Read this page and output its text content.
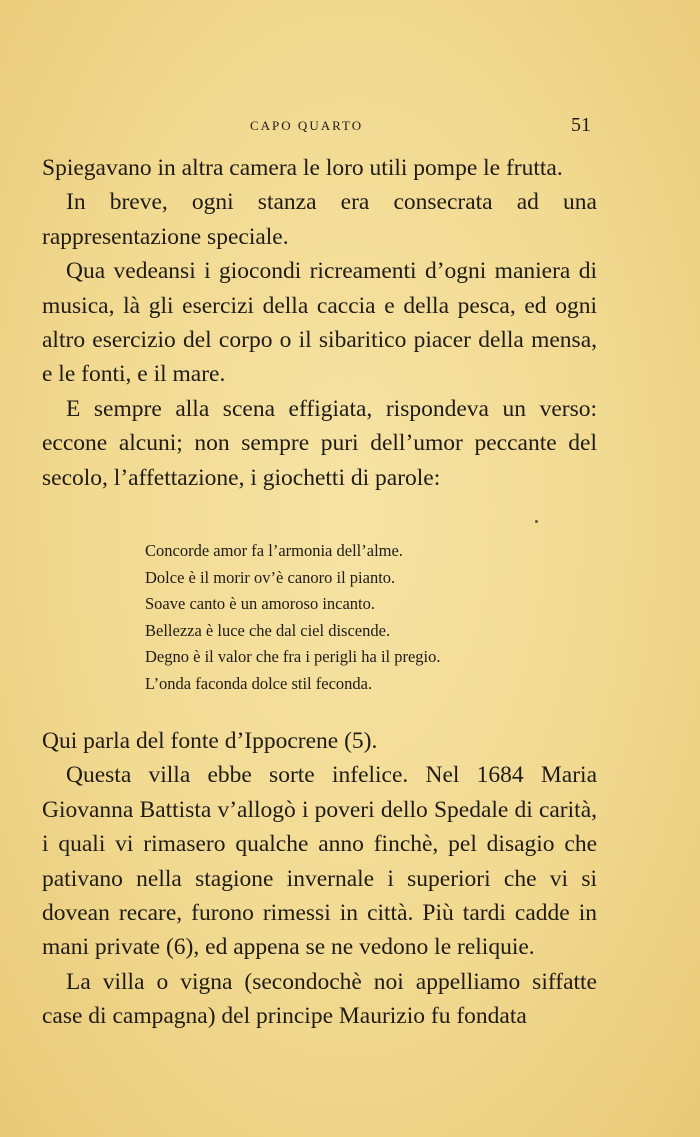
CAPO QUARTO	51

Spiegavano in altra camera le loro utili pompe le frutta.

In breve, ogni stanza era consecrata ad una rappresentazione speciale.

Qua vedeansi i giocondi ricreamenti d’ogni maniera di musica, là gli esercizi della caccia e della pesca, ed ogni altro esercizio del corpo o il sibaritico piacer della mensa, e le fonti, e il mare.

E sempre alla scena effigiata, rispondeva un verso: eccone alcuni; non sempre puri dell’umor peccante del secolo, l’affettazione, i giochetti di parole:

Concorde amor fa l’armonia dell’alme.
Dolce è il morir ov’è canoro il pianto.
Soave canto è un amoroso incanto.
Bellezza è luce che dal ciel discende.
Degno è il valor che fra i perigli ha il pregio.
L’onda faconda dolce stil feconda.

Qui parla del fonte d’Ippocrene (5).

Questa villa ebbe sorte infelice. Nel 1684 Maria Giovanna Battista v’allogò i poveri dello Spedale di carità, i quali vi rimasero qualche anno finchè, pel disagio che pativano nella stagione invernale i superiori che vi si dovean recare, furono rimessi in città. Più tardi cadde in mani private (6), ed appena se ne vedono le reliquie.

La villa o vigna (secondochè noi appelliamo siffatte case di campagna) del principe Maurizio fu fondata
